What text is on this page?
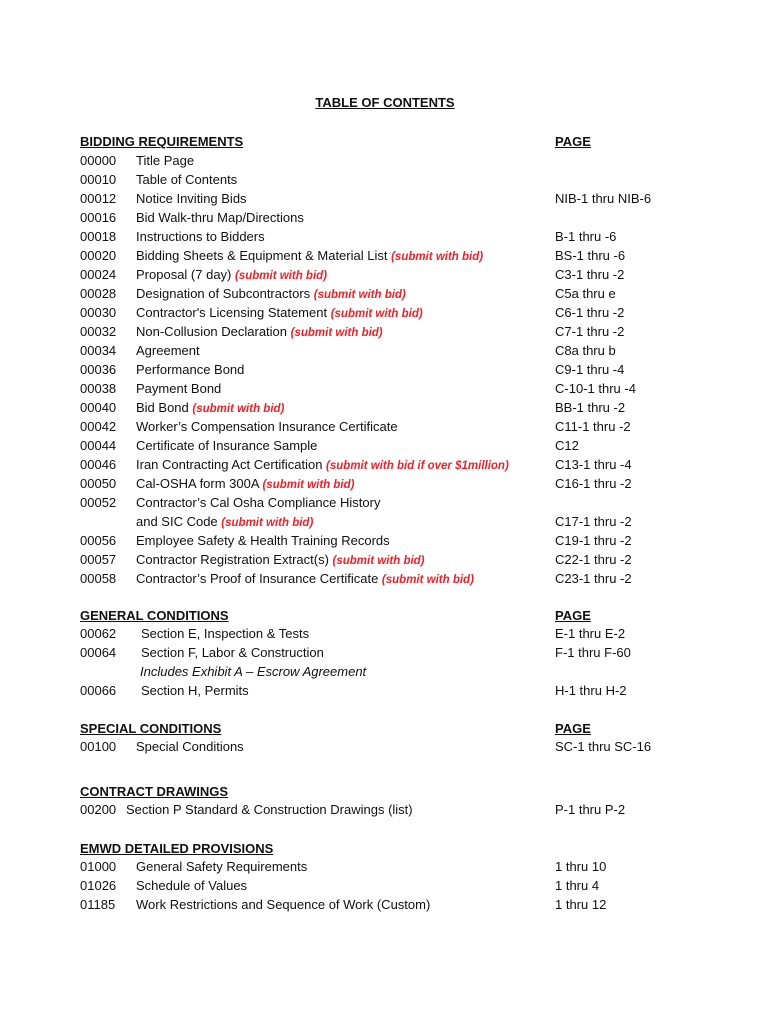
TABLE OF CONTENTS
BIDDING REQUIREMENTS	PAGE
00000 Title Page
00010 Table of Contents
00012 Notice Inviting Bids	NIB-1 thru NIB-6
00016 Bid Walk-thru Map/Directions
00018 Instructions to Bidders	B-1 thru -6
00020 Bidding Sheets & Equipment & Material List (submit with bid)	BS-1 thru -6
00024 Proposal (7 day) (submit with bid)	C3-1 thru -2
00028 Designation of Subcontractors (submit with bid)	C5a thru e
00030 Contractor's Licensing Statement (submit with bid)	C6-1 thru -2
00032 Non-Collusion Declaration (submit with bid)	C7-1 thru -2
00034 Agreement	C8a thru b
00036 Performance Bond	C9-1 thru -4
00038 Payment Bond	C-10-1 thru -4
00040 Bid Bond (submit with bid)	BB-1 thru -2
00042 Worker’s Compensation Insurance Certificate	C11-1 thru -2
00044 Certificate of Insurance Sample	C12
00046 Iran Contracting Act Certification (submit with bid if over $1million)	C13-1 thru -4
00050 Cal-OSHA form 300A (submit with bid)	C16-1 thru -2
00052 Contractor’s Cal Osha Compliance History
and SIC Code (submit with bid)	C17-1 thru -2
00056 Employee Safety & Health Training Records	C19-1 thru -2
00057 Contractor Registration Extract(s) (submit with bid)	C22-1 thru -2
00058 Contractor’s Proof of Insurance Certificate (submit with bid)	C23-1 thru -2
GENERAL CONDITIONS	PAGE
00062 Section E, Inspection & Tests	E-1 thru E-2
00064 Section F, Labor & Construction	F-1 thru F-60
Includes Exhibit A – Escrow Agreement
00066 Section H, Permits	H-1 thru H-2
SPECIAL CONDITIONS	PAGE
00100 Special Conditions	SC-1 thru SC-16
CONTRACT DRAWINGS
00200 Section P Standard & Construction Drawings (list)	P-1 thru P-2
EMWD DETAILED PROVISIONS
01000 General Safety Requirements	1 thru 10
01026 Schedule of Values	1 thru 4
01185 Work Restrictions and Sequence of Work (Custom)	1 thru 12
